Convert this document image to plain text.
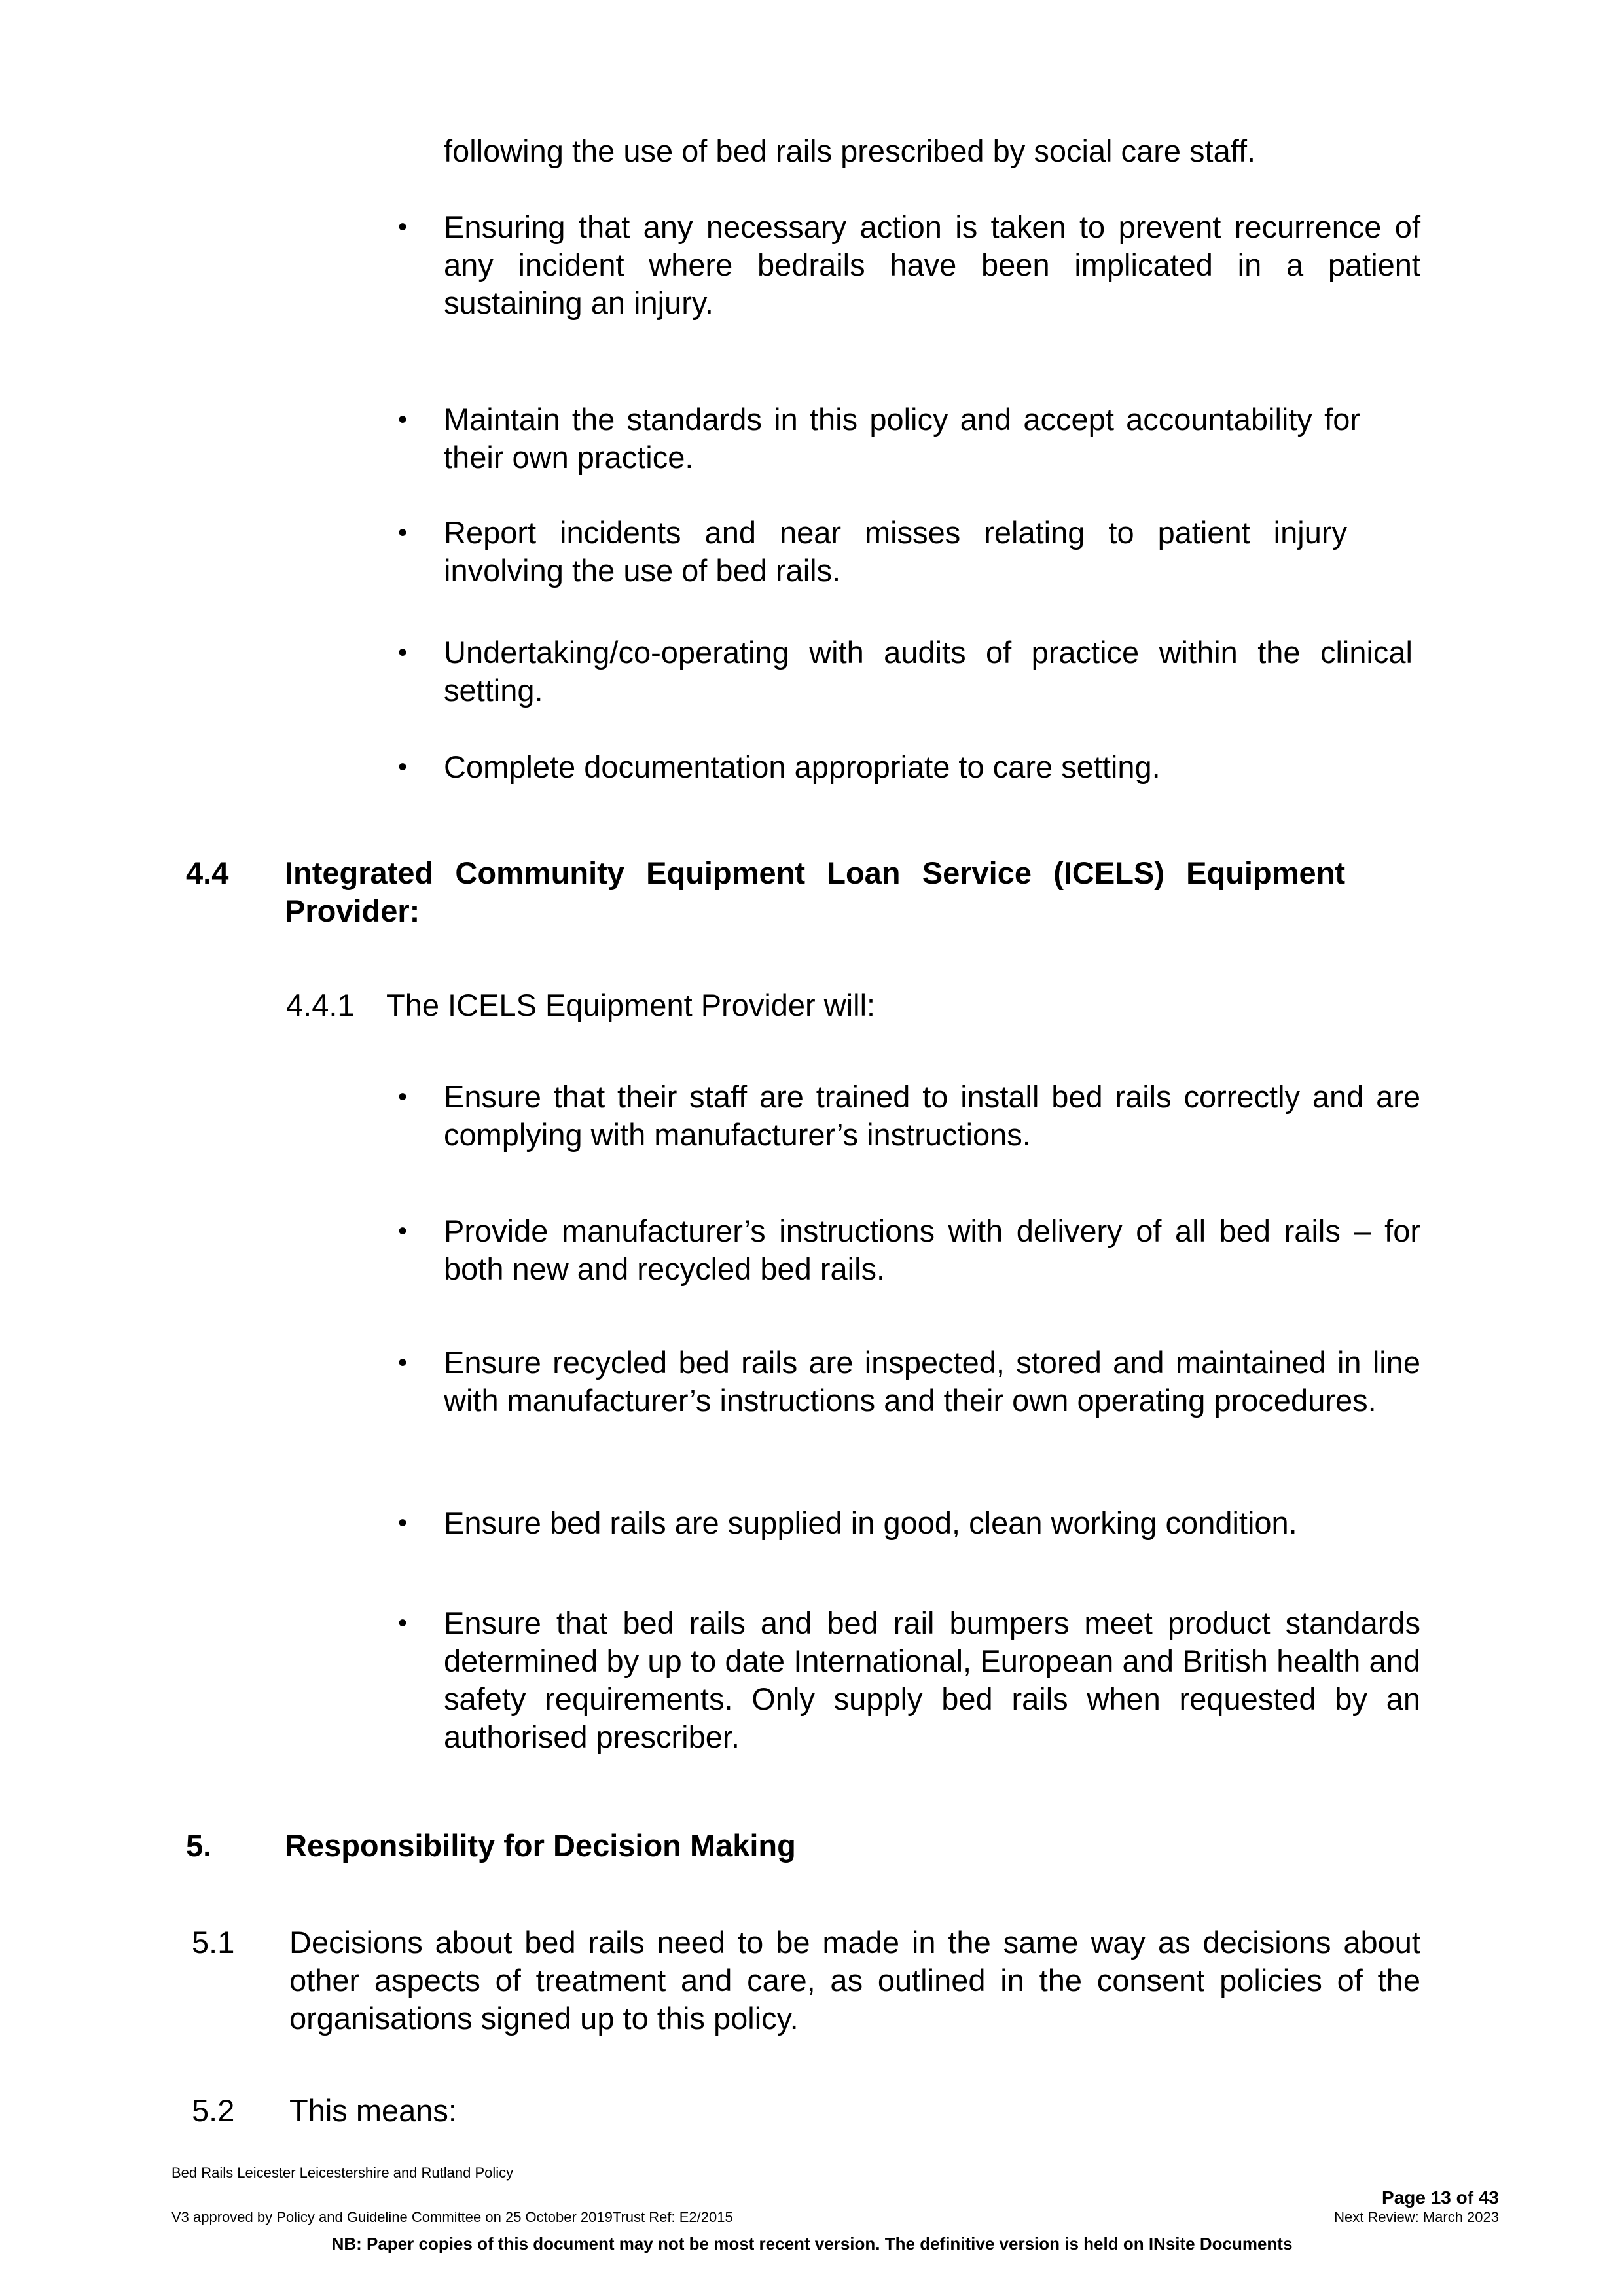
following the use of bed rails prescribed by social care staff.
• Ensuring that any necessary action is taken to prevent recurrence of any incident where bedrails have been implicated in a patient sustaining an injury.
• Maintain the standards in this policy and accept accountability for their own practice.
• Report incidents and near misses relating to patient injury involving the use of bed rails.
• Undertaking/co-operating with audits of practice within the clinical setting.
• Complete documentation appropriate to care setting.
4.4 Integrated Community Equipment Loan Service (ICELS) Equipment Provider:
4.4.1 The ICELS Equipment Provider will:
• Ensure that their staff are trained to install bed rails correctly and are complying with manufacturer’s instructions.
• Provide manufacturer’s instructions with delivery of all bed rails – for both new and recycled bed rails.
• Ensure recycled bed rails are inspected, stored and maintained in line with manufacturer’s instructions and their own operating procedures.
• Ensure bed rails are supplied in good, clean working condition.
• Ensure that bed rails and bed rail bumpers meet product standards determined by up to date International, European and British health and safety requirements. Only supply bed rails when requested by an authorised prescriber.
5. Responsibility for Decision Making
5.1 Decisions about bed rails need to be made in the same way as decisions about other aspects of treatment and care, as outlined in the consent policies of the organisations signed up to this policy.
5.2 This means:
Bed Rails Leicester Leicestershire and Rutland Policy
Page 13 of 43
V3 approved by Policy and Guideline Committee on 25 October 2019Trust Ref: E2/2015	Next Review: March 2023
NB: Paper copies of this document may not be most recent version. The definitive version is held on INsite Documents
